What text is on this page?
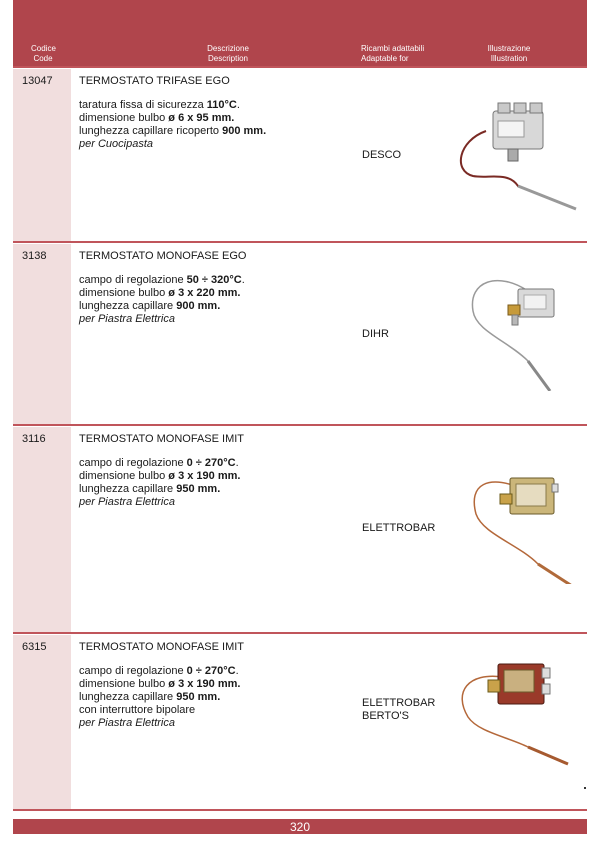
Codice
Code
Descrizione
Description
Ricambi adattabili
Adaptable for
Illustrazione
Illustration
13047 TERMOSTATO TRIFASE EGO
taratura fissa di sicurezza 110°C.
dimensione bulbo ø 6 x 95 mm.
lunghezza capillare ricoperto 900 mm.
per Cuocipasta
DESCO
3138	TERMOSTATO MONOFASE EGO
campo di regolazione 50 ÷ 320°C.
dimensione bulbo ø 3 x 220 mm.
lunghezza capillare 900 mm.
per Piastra Elettrica
DIHR
3116	TERMOSTATO MONOFASE IMIT
campo di regolazione 0 ÷ 270°C.
dimensione bulbo ø 3 x 190 mm.
lunghezza capillare 950 mm.
per Piastra Elettrica
ELETTROBAR
6315	TERMOSTATO MONOFASE IMIT
campo di regolazione 0 ÷ 270°C.
dimensione bulbo ø 3 x 190 mm.
lunghezza capillare 950 mm.
con interruttore bipolare
per Piastra Elettrica
ELETTROBAR
BERTO'S
320
